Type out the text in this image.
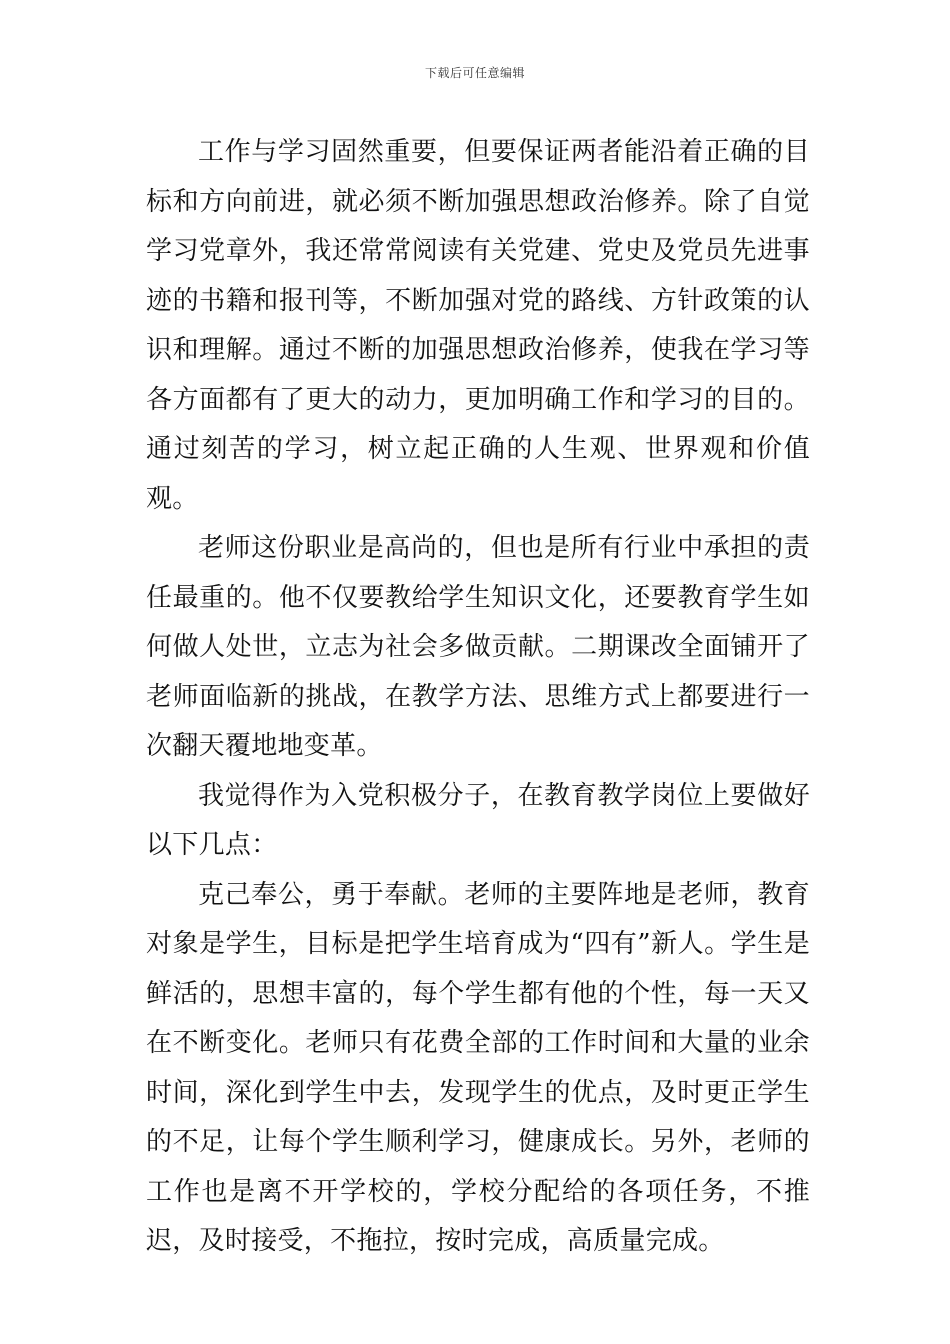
下载后可任意编辑

工作与学习固然重要，但要保证两者能沿着正确的目标和方向前进，就必须不断加强思想政治修养。除了自觉学习党章外，我还常常阅读有关党建、党史及党员先进事迹的书籍和报刊等，不断加强对党的路线、方针政策的认识和理解。通过不断的加强思想政治修养，使我在学习等各方面都有了更大的动力，更加明确工作和学习的目的。通过刻苦的学习，树立起正确的人生观、世界观和价值观。

老师这份职业是高尚的，但也是所有行业中承担的责任最重的。他不仅要教给学生知识文化，还要教育学生如何做人处世，立志为社会多做贡献。二期课改全面铺开了老师面临新的挑战，在教学方法、思维方式上都要进行一次翻天覆地地变革。

我觉得作为入党积极分子，在教育教学岗位上要做好以下几点：

克己奉公，勇于奉献。老师的主要阵地是老师，教育对象是学生，目标是把学生培育成为“四有”新人。学生是鲜活的，思想丰富的，每个学生都有他的个性，每一天又在不断变化。老师只有花费全部的工作时间和大量的业余时间，深化到学生中去，发现学生的优点，及时更正学生的不足，让每个学生顺利学习，健康成长。另外，老师的工作也是离不开学校的，学校分配给的各项任务，不推迟，及时接受，不拖拉，按时完成，高质量完成。
